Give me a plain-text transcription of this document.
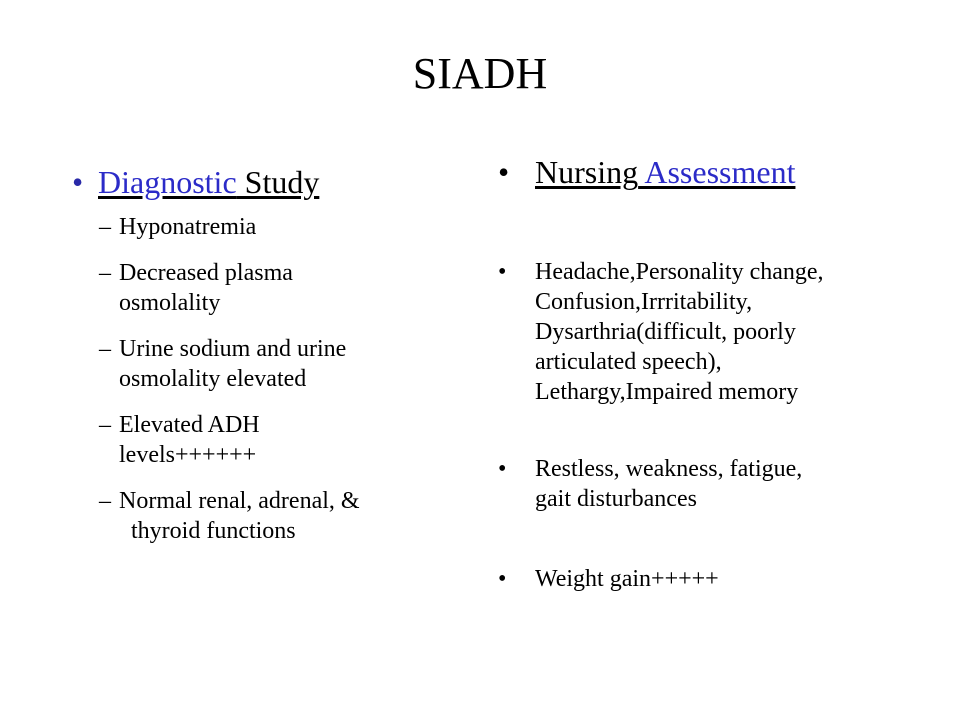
SIADH
• Diagnostic Study
– Hyponatremia
– Decreased plasma
osmolality
– Urine sodium and urine
osmolality elevated
– Elevated ADH
levels++++++
– Normal renal, adrenal, &
thyroid functions
• Nursing Assessment
•	Headache,Personality change,
Confusion,Irrritability,
Dysarthria(difficult, poorly
articulated speech),
Lethargy,Impaired memory
•	Restless, weakness, fatigue,
gait disturbances
•	Weight gain+++++
